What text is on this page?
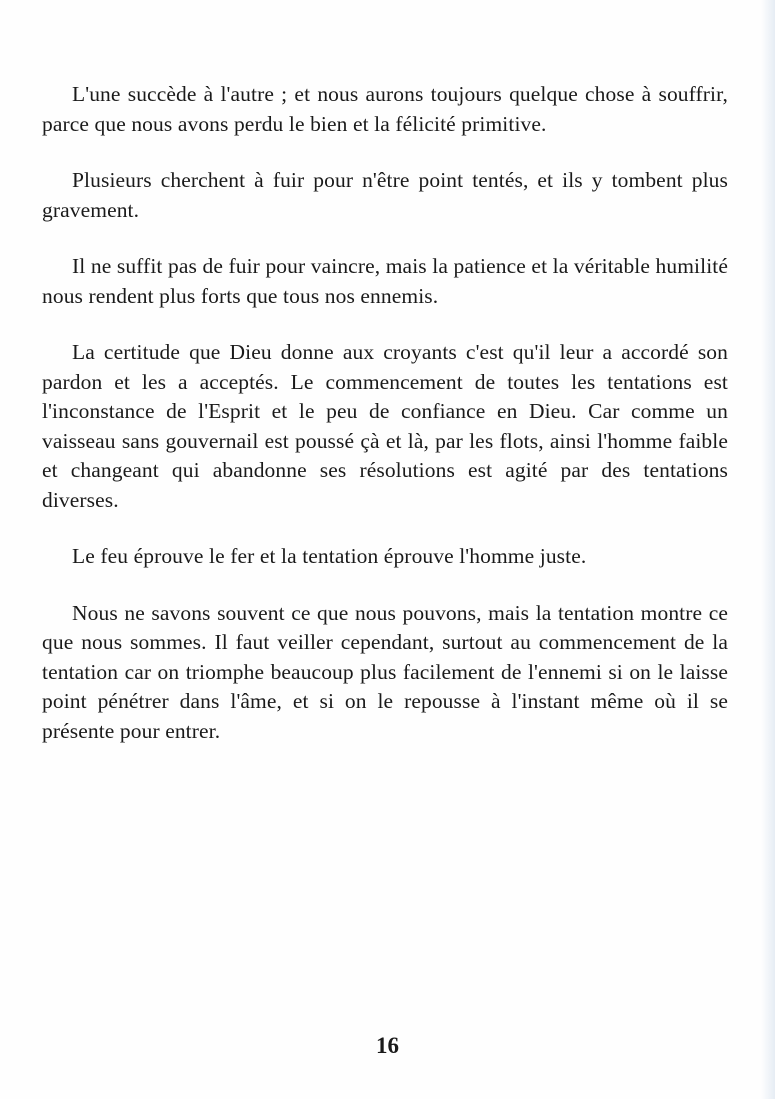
L'une succède à l'autre ; et nous aurons toujours quelque chose à souffrir, parce que nous avons perdu le bien et la félicité primitive.

Plusieurs cherchent à fuir pour n'être point tentés, et ils y tombent plus gravement.

Il ne suffit pas de fuir pour vaincre, mais la patience et la véritable humilité nous rendent plus forts que tous nos ennemis.

La certitude que Dieu donne aux croyants c'est qu'il leur a accordé son pardon et les a acceptés. Le commencement de toutes les tentations est l'inconstance de l'Esprit et le peu de confiance en Dieu. Car comme un vaisseau sans gouvernail est poussé çà et là, par les flots, ainsi l'homme faible et changeant qui abandonne ses résolutions est agité par des tentations diverses.

Le feu éprouve le fer et la tentation éprouve l'homme juste.

Nous ne savons souvent ce que nous pouvons, mais la tentation montre ce que nous sommes. Il faut veiller cependant, surtout au commencement de la tentation car on triomphe beaucoup plus facilement de l'ennemi si on le laisse point pénétrer dans l'âme, et si on le repousse à l'instant même où il se présente pour entrer.

16
